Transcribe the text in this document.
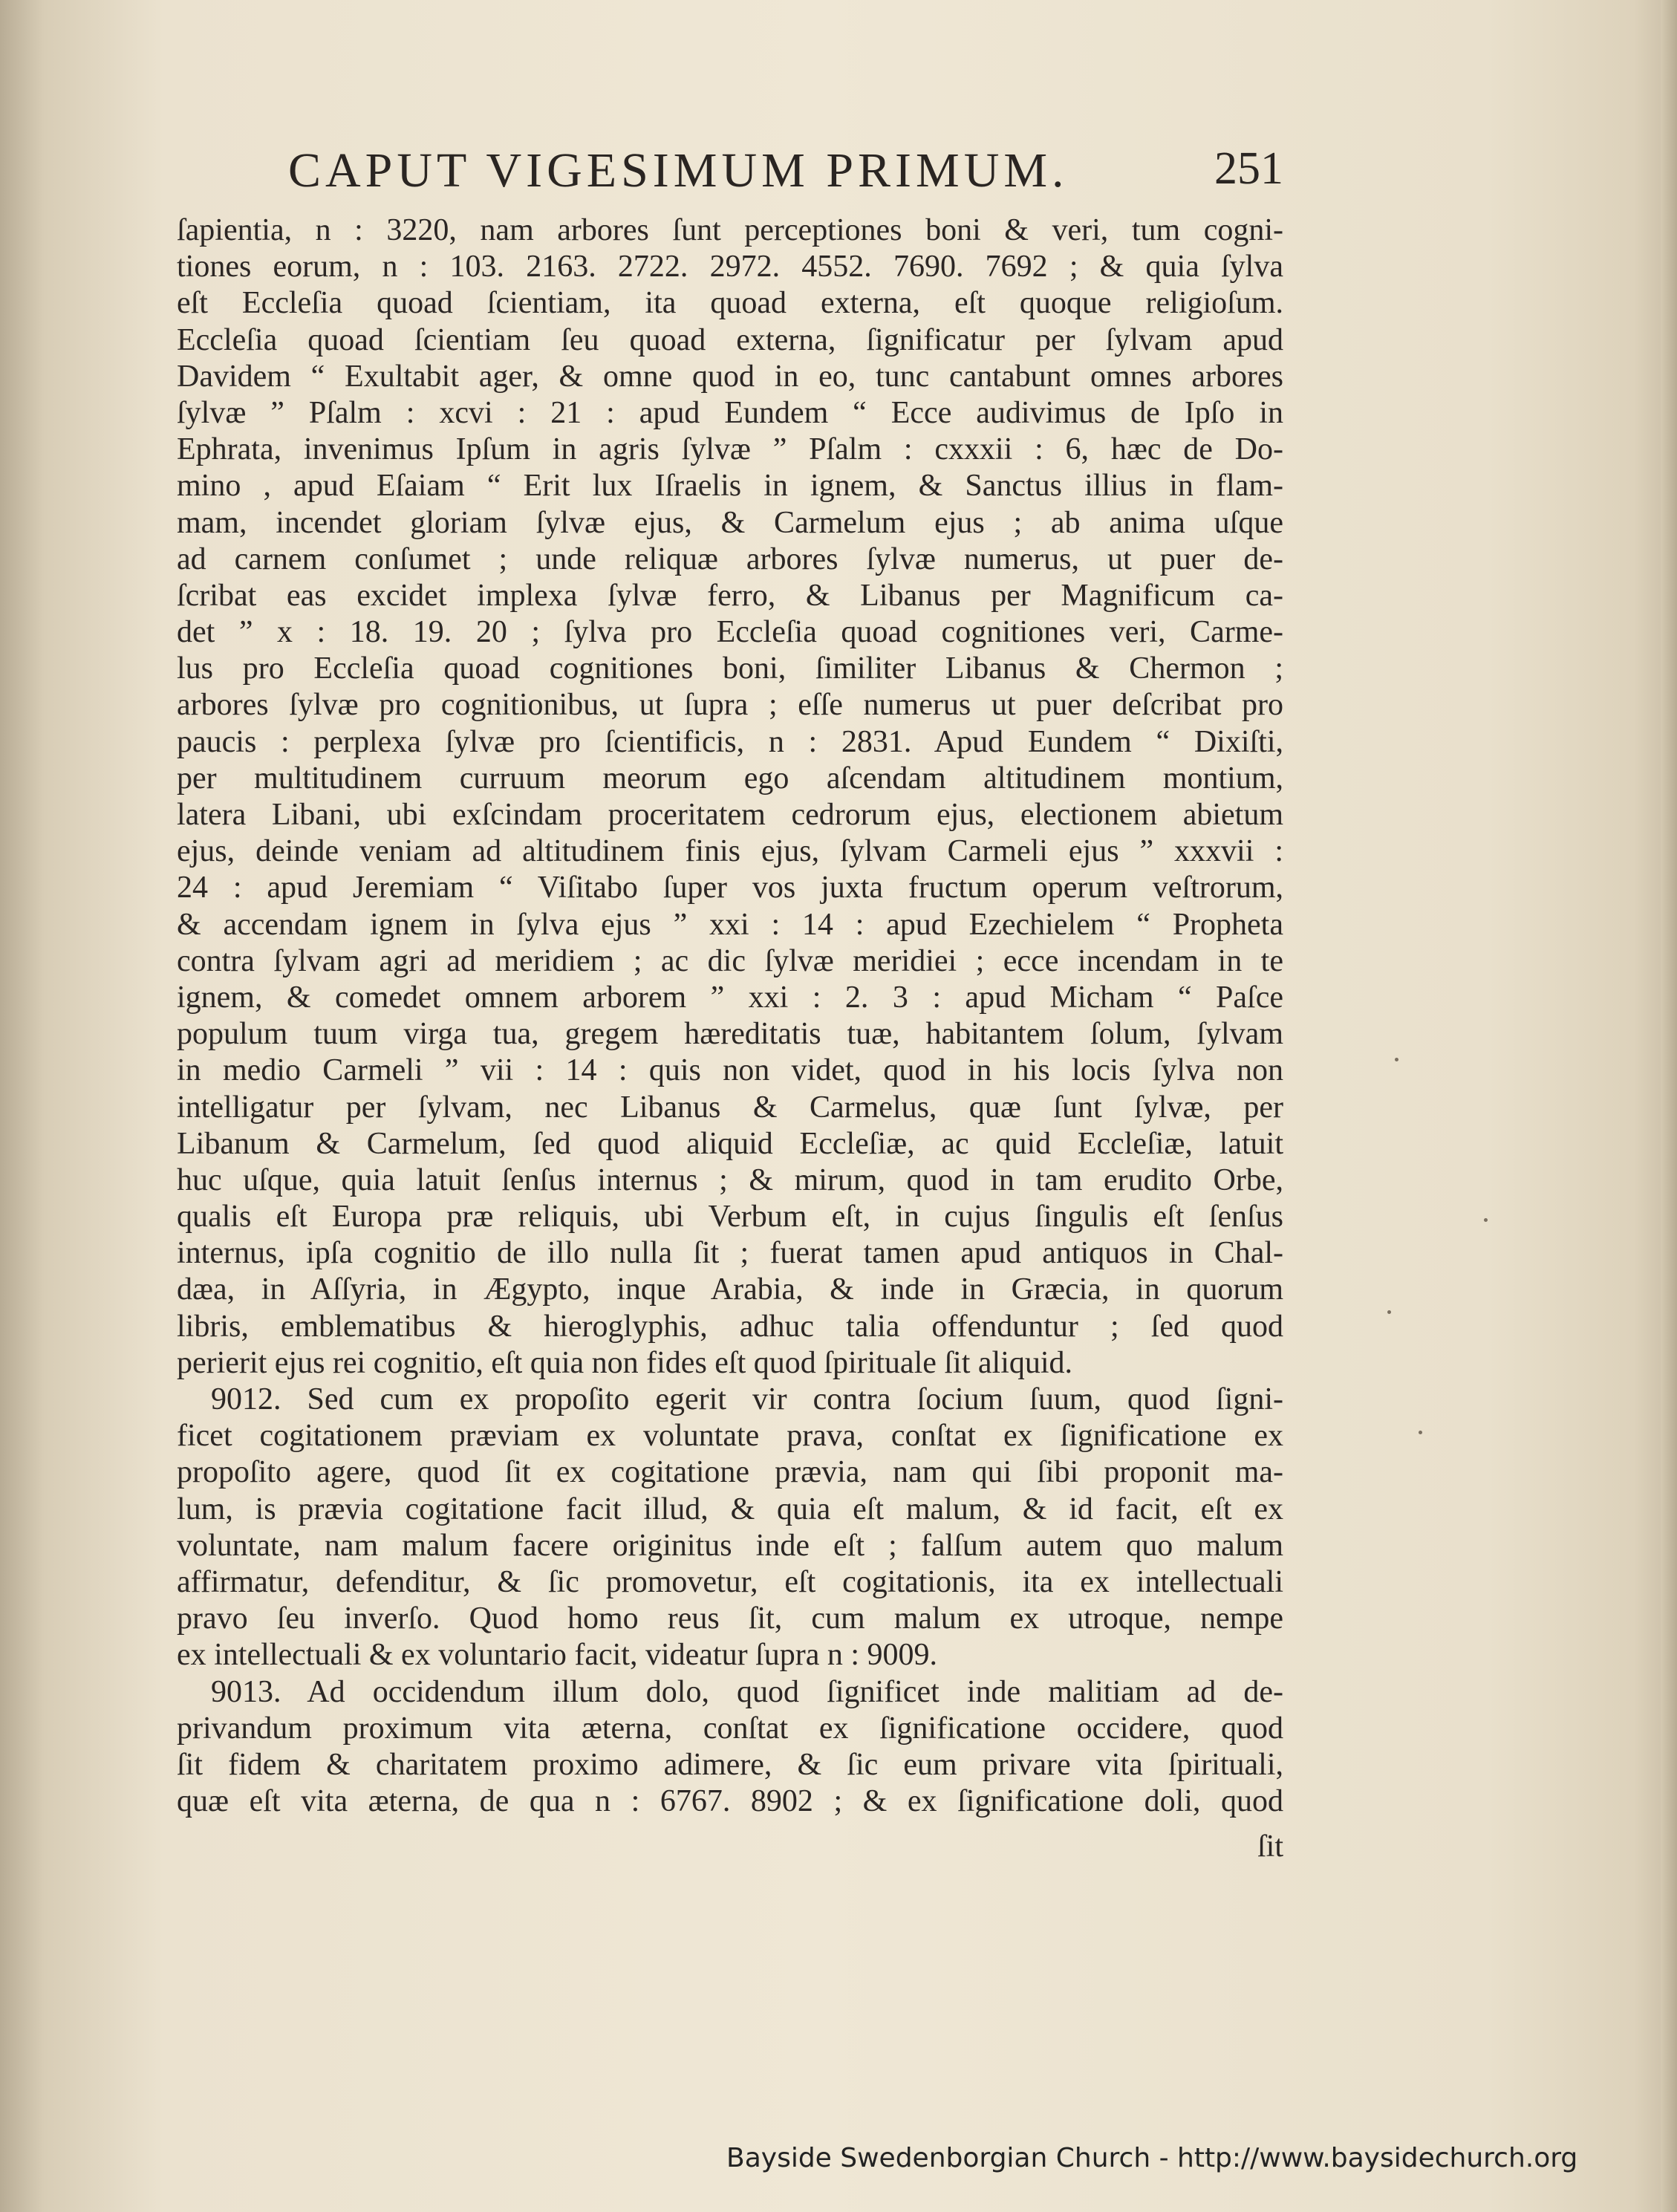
CAPUT VIGESIMUM PRIMUM.	251
ſapientia, n : 3220, nam arbores ſunt perceptiones boni & veri, tum cogni-
tiones eorum, n : 103. 2163. 2722. 2972. 4552. 7690. 7692 ; & quia ſylva
eſt Eccleſia quoad ſcientiam, ita quoad externa, eſt quoque religioſum.
Eccleſia quoad ſcientiam ſeu quoad externa, ſignificatur per ſylvam apud
Davidem “ Exultabit ager, & omne quod in eo, tunc cantabunt omnes arbores
ſylvæ ” Pſalm : xcvi : 21 : apud Eundem “ Ecce audivimus de Ipſo in
Ephrata, invenimus Ipſum in agris ſylvæ ” Pſalm : cxxxii : 6, hæc de Do-
mino , apud Eſaiam “ Erit lux Iſraelis in ignem, & Sanctus illius in flam-
mam, incendet gloriam ſylvæ ejus, & Carmelum ejus ; ab anima uſque
ad carnem conſumet ; unde reliquæ arbores ſylvæ numerus, ut puer de-
ſcribat eas excidet implexa ſylvæ ferro, & Libanus per Magnificum ca-
det ” x : 18. 19. 20 ; ſylva pro Eccleſia quoad cognitiones veri, Carme-
lus pro Eccleſia quoad cognitiones boni, ſimiliter Libanus & Chermon ;
arbores ſylvæ pro cognitionibus, ut ſupra ; eſſe numerus ut puer deſcribat pro
paucis : perplexa ſylvæ pro ſcientificis, n : 2831. Apud Eundem “ Dixiſti,
per multitudinem curruum meorum ego aſcendam altitudinem montium,
latera Libani, ubi exſcindam proceritatem cedrorum ejus, electionem abietum
ejus, deinde veniam ad altitudinem finis ejus, ſylvam Carmeli ejus ” xxxvii :
24 : apud Jeremiam “ Viſitabo ſuper vos juxta fructum operum veſtrorum,
& accendam ignem in ſylva ejus ” xxi : 14 : apud Ezechielem “ Propheta
contra ſylvam agri ad meridiem ; ac dic ſylvæ meridiei ; ecce incendam in te
ignem, & comedet omnem arborem ” xxi : 2. 3 : apud Micham “ Paſce
populum tuum virga tua, gregem hæreditatis tuæ, habitantem ſolum, ſylvam
in medio Carmeli ” vii : 14 : quis non videt, quod in his locis ſylva non
intelligatur per ſylvam, nec Libanus & Carmelus, quæ ſunt ſylvæ, per
Libanum & Carmelum, ſed quod aliquid Eccleſiæ, ac quid Eccleſiæ, latuit
huc uſque, quia latuit ſenſus internus ; & mirum, quod in tam erudito Orbe,
qualis eſt Europa præ reliquis, ubi Verbum eſt, in cujus ſingulis eſt ſenſus
internus, ipſa cognitio de illo nulla ſit ; fuerat tamen apud antiquos in Chal-
dæa, in Aſſyria, in Ægypto, inque Arabia, & inde in Græcia, in quorum
libris, emblematibus & hieroglyphis, adhuc talia offenduntur ; ſed quod
perierit ejus rei cognitio, eſt quia non fides eſt quod ſpirituale ſit aliquid.
9012. Sed cum ex propoſito egerit vir contra ſocium ſuum, quod ſigni-
ficet cogitationem præviam ex voluntate prava, conſtat ex ſignificatione ex
propoſito agere, quod ſit ex cogitatione prævia, nam qui ſibi proponit ma-
lum, is prævia cogitatione facit illud, & quia eſt malum, & id facit, eſt ex
voluntate, nam malum facere originitus inde eſt ; falſum autem quo malum
affirmatur, defenditur, & ſic promovetur, eſt cogitationis, ita ex intellectuali
pravo ſeu inverſo. Quod homo reus ſit, cum malum ex utroque, nempe
ex intellectuali & ex voluntario facit, videatur ſupra n : 9009.
9013. Ad occidendum illum dolo, quod ſignificet inde malitiam ad de-
privandum proximum vita æterna, conſtat ex ſignificatione occidere, quod
ſit fidem & charitatem proximo adimere, & ſic eum privare vita ſpirituali,
quæ eſt vita æterna, de qua n : 6767. 8902 ; & ex ſignificatione doli, quod
ſit
Bayside Swedenborgian Church - http://www.baysidechurch.org
